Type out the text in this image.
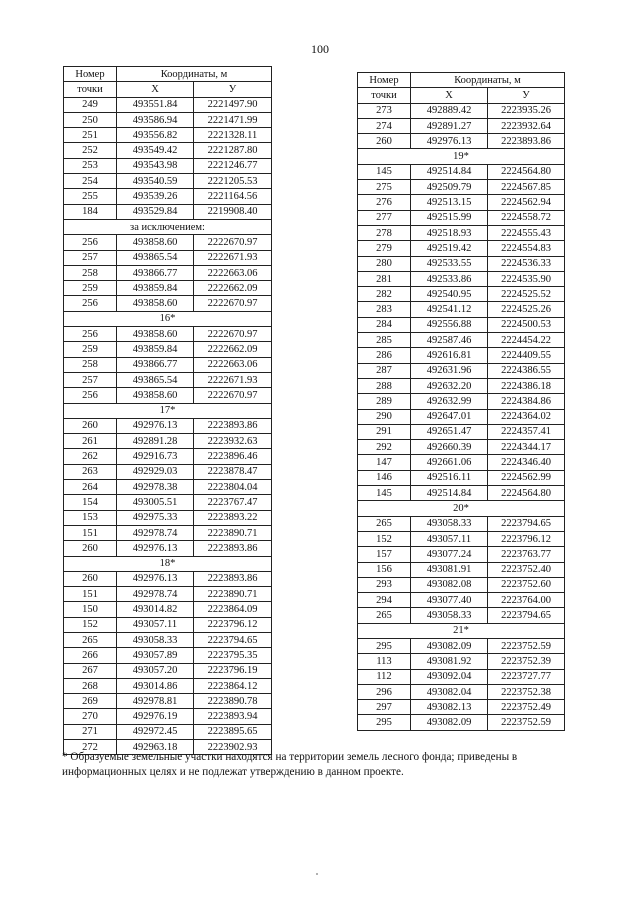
100
Номер	Координаты, м	
точки	X	У
249	493551.84	2221497.90
250	493586.94	2221471.99
251	493556.82	2221328.11
252	493549.42	2221287.80
253	493543.98	2221246.77
254	493540.59	2221205.53
255	493539.26	2221164.56
184	493529.84	2219908.40
за исключением:		
256	493858.60	2222670.97
257	493865.54	2222671.93
258	493866.77	2222663.06
259	493859.84	2222662.09
256	493858.60	2222670.97
16*		
256	493858.60	2222670.97
259	493859.84	2222662.09
258	493866.77	2222663.06
257	493865.54	2222671.93
256	493858.60	2222670.97
17*		
260	492976.13	2223893.86
261	492891.28	2223932.63
262	492916.73	2223896.46
263	492929.03	2223878.47
264	492978.38	2223804.04
154	493005.51	2223767.47
153	492975.33	2223893.22
151	492978.74	2223890.71
260	492976.13	2223893.86
18*		
260	492976.13	2223893.86
151	492978.74	2223890.71
150	493014.82	2223864.09
152	493057.11	2223796.12
265	493058.33	2223794.65
266	493057.89	2223795.35
267	493057.20	2223796.19
268	493014.86	2223864.12
269	492978.81	2223890.78
270	492976.19	2223893.94
271	492972.45	2223895.65
272	492963.18	2223902.93
Номер	Координаты, м	
точки	X	У
273	492889.42	2223935.26
274	492891.27	2223932.64
260	492976.13	2223893.86
19*		
145	492514.84	2224564.80
275	492509.79	2224567.85
276	492513.15	2224562.94
277	492515.99	2224558.72
278	492518.93	2224555.43
279	492519.42	2224554.83
280	492533.55	2224536.33
281	492533.86	2224535.90
282	492540.95	2224525.52
283	492541.12	2224525.26
284	492556.88	2224500.53
285	492587.46	2224454.22
286	492616.81	2224409.55
287	492631.96	2224386.55
288	492632.20	2224386.18
289	492632.99	2224384.86
290	492647.01	2224364.02
291	492651.47	2224357.41
292	492660.39	2224344.17
147	492661.06	2224346.40
146	492516.11	2224562.99
145	492514.84	2224564.80
20*		
265	493058.33	2223794.65
152	493057.11	2223796.12
157	493077.24	2223763.77
156	493081.91	2223752.40
293	493082.08	2223752.60
294	493077.40	2223764.00
265	493058.33	2223794.65
21*		
295	493082.09	2223752.59
113	493081.92	2223752.39
112	493092.04	2223727.77
296	493082.04	2223752.38
297	493082.13	2223752.49
295	493082.09	2223752.59
* Образуемые земельные участки находятся на территории земель лесного фонда; приведены в информационных целях и не подлежат утверждению в данном проекте.
